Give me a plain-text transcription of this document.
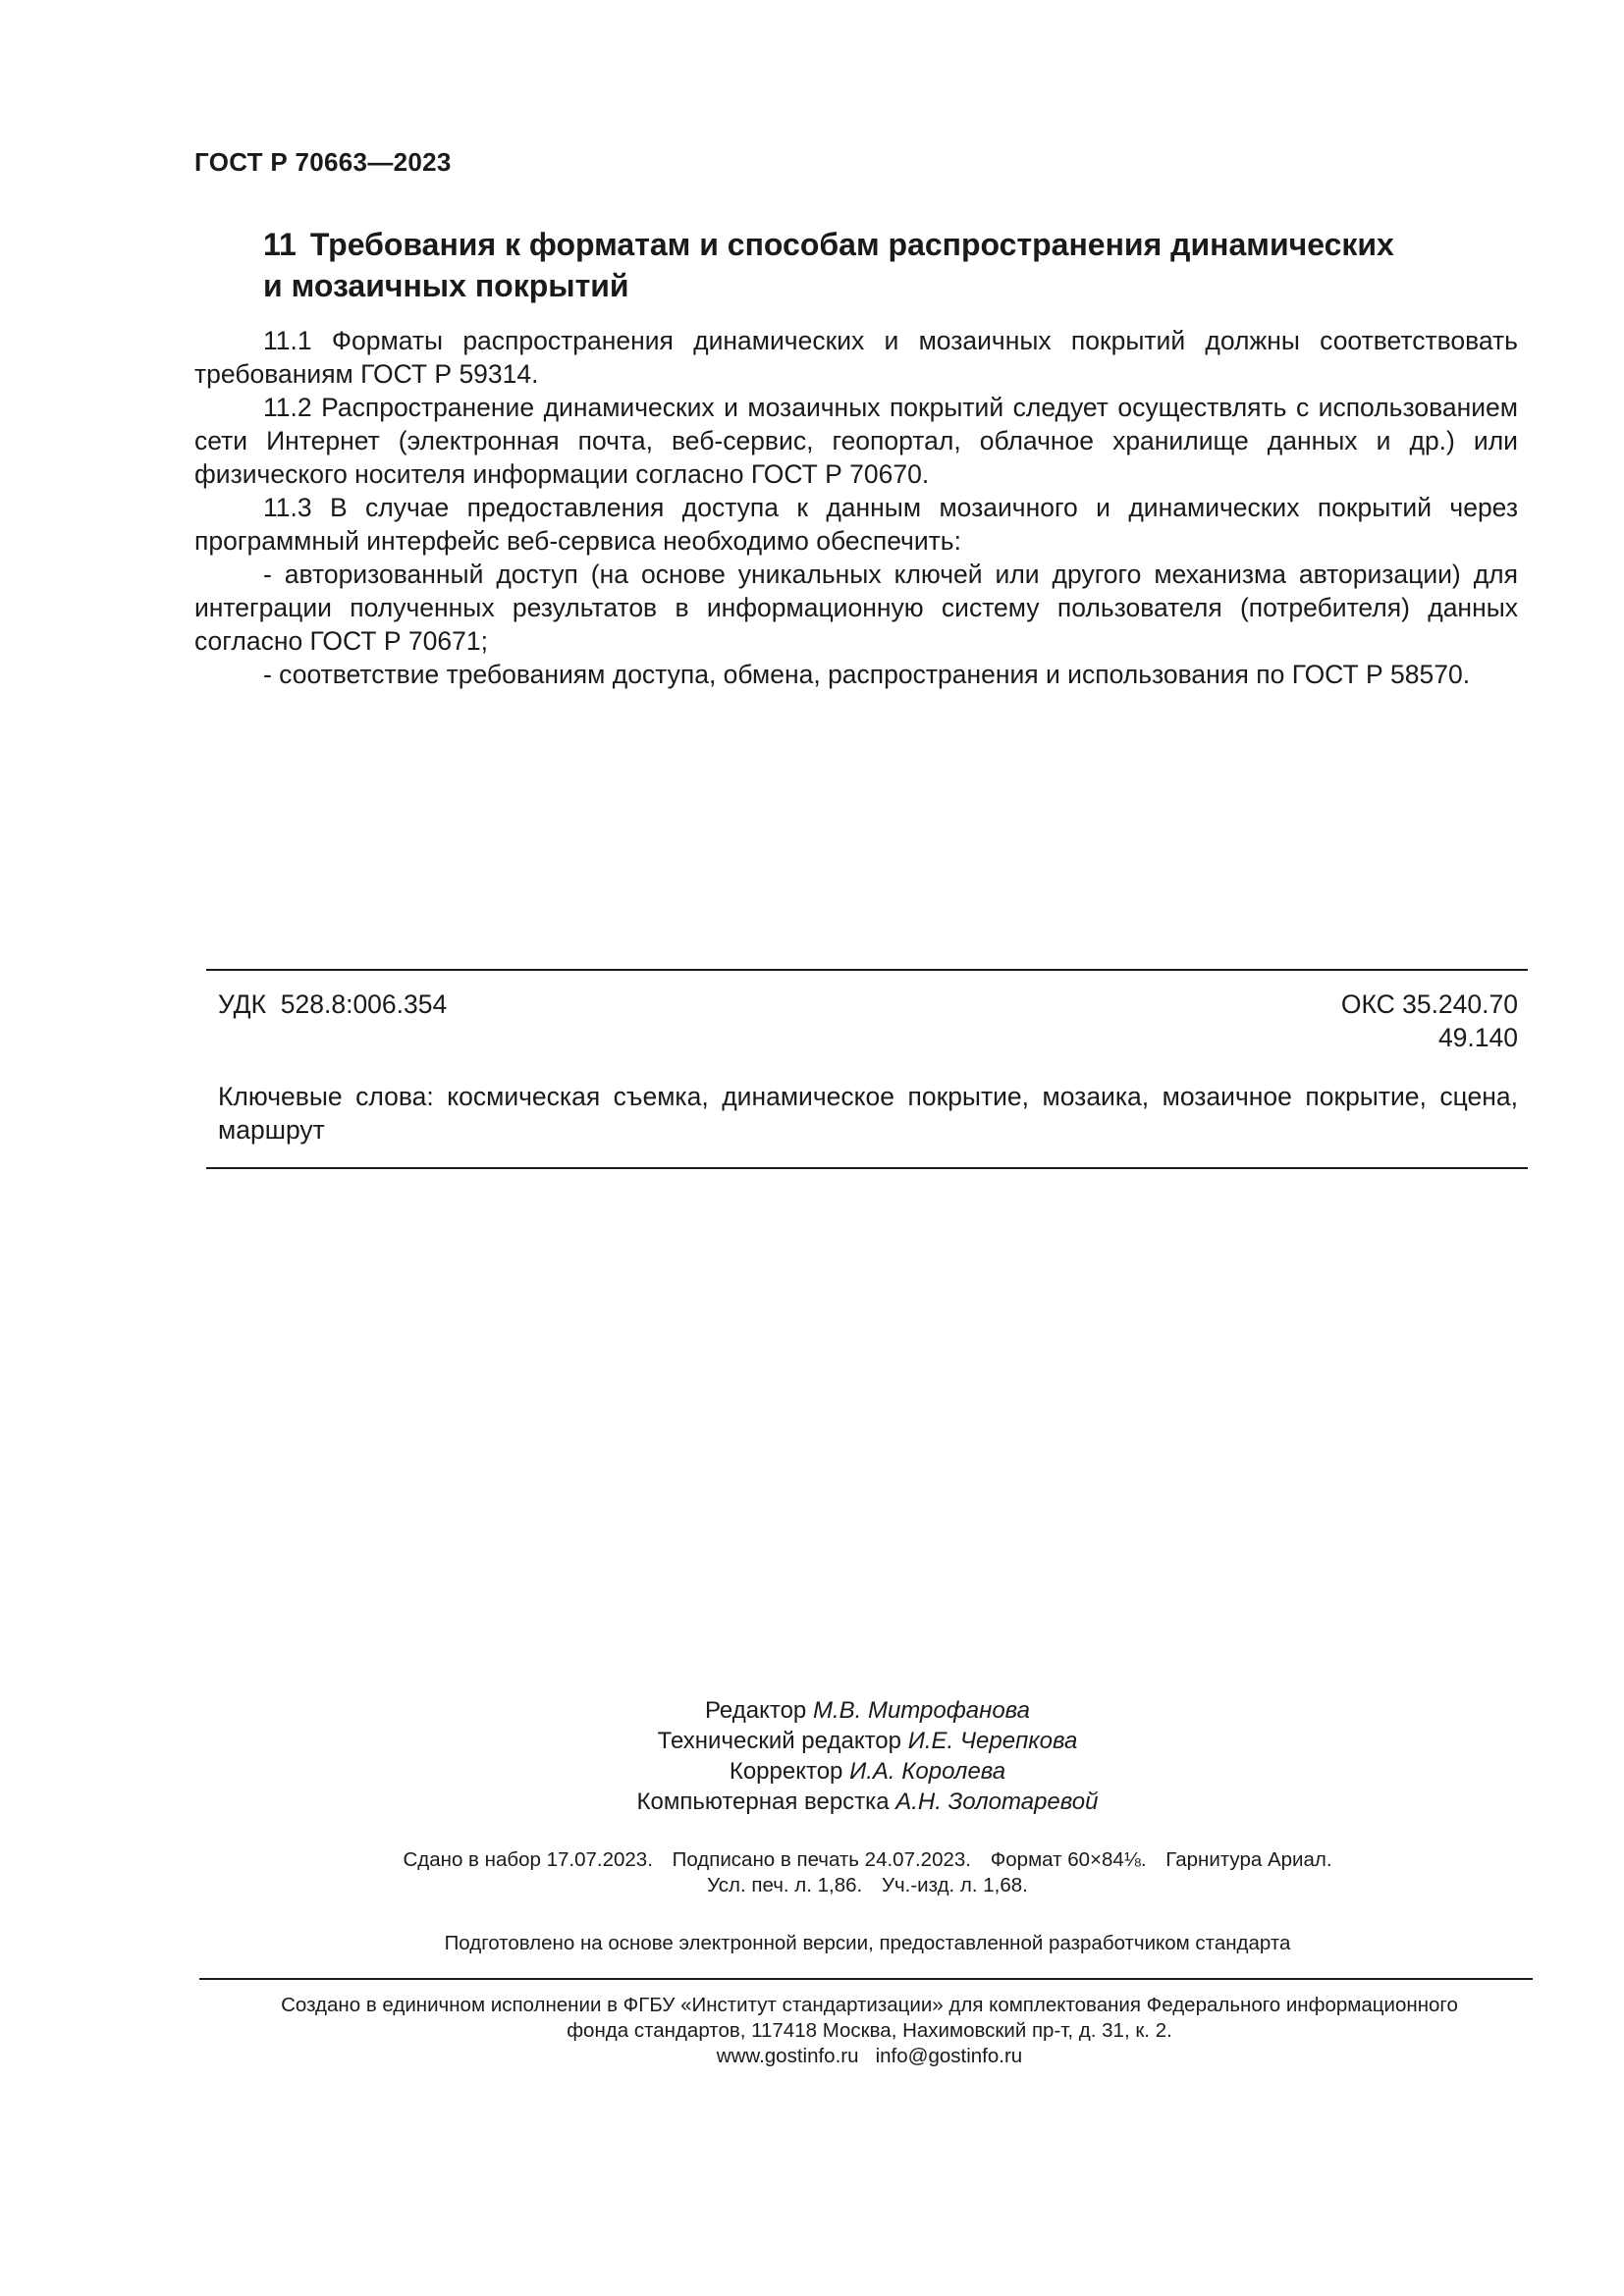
ГОСТ Р 70663—2023
11 Требования к форматам и способам распространения динамических
и мозаичных покрытий

11.1 Форматы распространения динамических и мозаичных покрытий должны соответствовать требованиям ГОСТ Р 59314.

11.2 Распространение динамических и мозаичных покрытий следует осуществлять с использованием сети Интернет (электронная почта, веб-сервис, геопортал, облачное хранилище данных и др.) или физического носителя информации согласно ГОСТ Р 70670.

11.3 В случае предоставления доступа к данным мозаичного и динамических покрытий через программный интерфейс веб-сервиса необходимо обеспечить:

- авторизованный доступ (на основе уникальных ключей или другого механизма авторизации) для интеграции полученных результатов в информационную систему пользователя (потребителя) данных согласно ГОСТ Р 70671;

- соответствие требованиям доступа, обмена, распространения и использования по ГОСТ Р 58570.

УДК 528.8:006.354	ОКС 35.240.70
49.140
Ключевые слова: космическая съемка, динамическое покрытие, мозаика, мозаичное покрытие, сцена, маршрут
Редактор М.В. Митрофанова
Технический редактор И.Е. Черепкова
Корректор И.А. Королева
Компьютерная верстка А.Н. Золотаревой
Сдано в набор 17.07.2023. Подписано в печать 24.07.2023. Формат 60×84⅛. Гарнитура Ариал.
Усл. печ. л. 1,86. Уч.-изд. л. 1,68.
Подготовлено на основе электронной версии, предоставленной разработчиком стандарта
Создано в единичном исполнении в ФГБУ «Институт стандартизации» для комплектования Федерального информационного
фонда стандартов, 117418 Москва, Нахимовский пр-т, д. 31, к. 2.
www.gostinfo.ru info@gostinfo.ru
